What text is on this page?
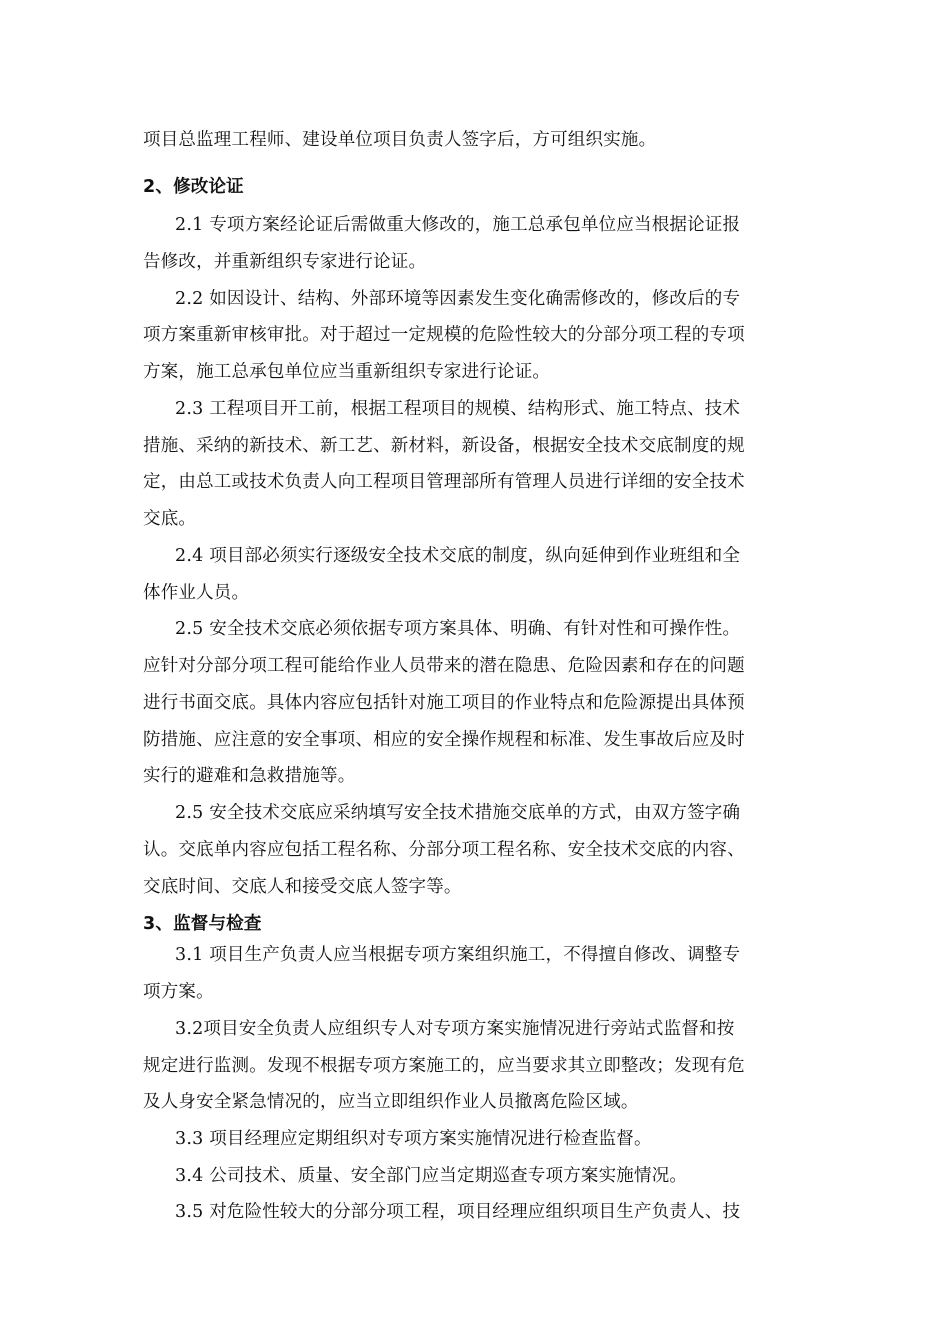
项目总监理工程师、建设单位项目负责人签字后，方可组织实施。

2、修改论证

2.1 专项方案经论证后需做重大修改的，施工总承包单位应当根据论证报

告修改，并重新组织专家进行论证。

2.2 如因设计、结构、外部环境等因素发生变化确需修改的，修改后的专

项方案重新审核审批。对于超过一定规模的危险性较大的分部分项工程的专项

方案，施工总承包单位应当重新组织专家进行论证。

2.3 工程项目开工前，根据工程项目的规模、结构形式、施工特点、技术

措施、采纳的新技术、新工艺、新材料，新设备，根据安全技术交底制度的规

定，由总工或技术负责人向工程项目管理部所有管理人员进行详细的安全技术

交底。

2.4 项目部必须实行逐级安全技术交底的制度，纵向延伸到作业班组和全

体作业人员。

2.5 安全技术交底必须依据专项方案具体、明确、有针对性和可操作性。

应针对分部分项工程可能给作业人员带来的潜在隐患、危险因素和存在的问题

进行书面交底。具体内容应包括针对施工项目的作业特点和危险源提出具体预

防措施、应注意的安全事项、相应的安全操作规程和标准、发生事故后应及时

实行的避难和急救措施等。

2.5 安全技术交底应采纳填写安全技术措施交底单的方式，由双方签字确

认。交底单内容应包括工程名称、分部分项工程名称、安全技术交底的内容、

交底时间、交底人和接受交底人签字等。

3、监督与检查

3.1 项目生产负责人应当根据专项方案组织施工，不得擅自修改、调整专

项方案。

3.2项目安全负责人应组织专人对专项方案实施情况进行旁站式监督和按

规定进行监测。发现不根据专项方案施工的，应当要求其立即整改；发现有危

及人身安全紧急情况的，应当立即组织作业人员撤离危险区域。

3.3 项目经理应定期组织对专项方案实施情况进行检查监督。

3.4 公司技术、质量、安全部门应当定期巡查专项方案实施情况。

3.5 对危险性较大的分部分项工程，项目经理应组织项目生产负责人、技
